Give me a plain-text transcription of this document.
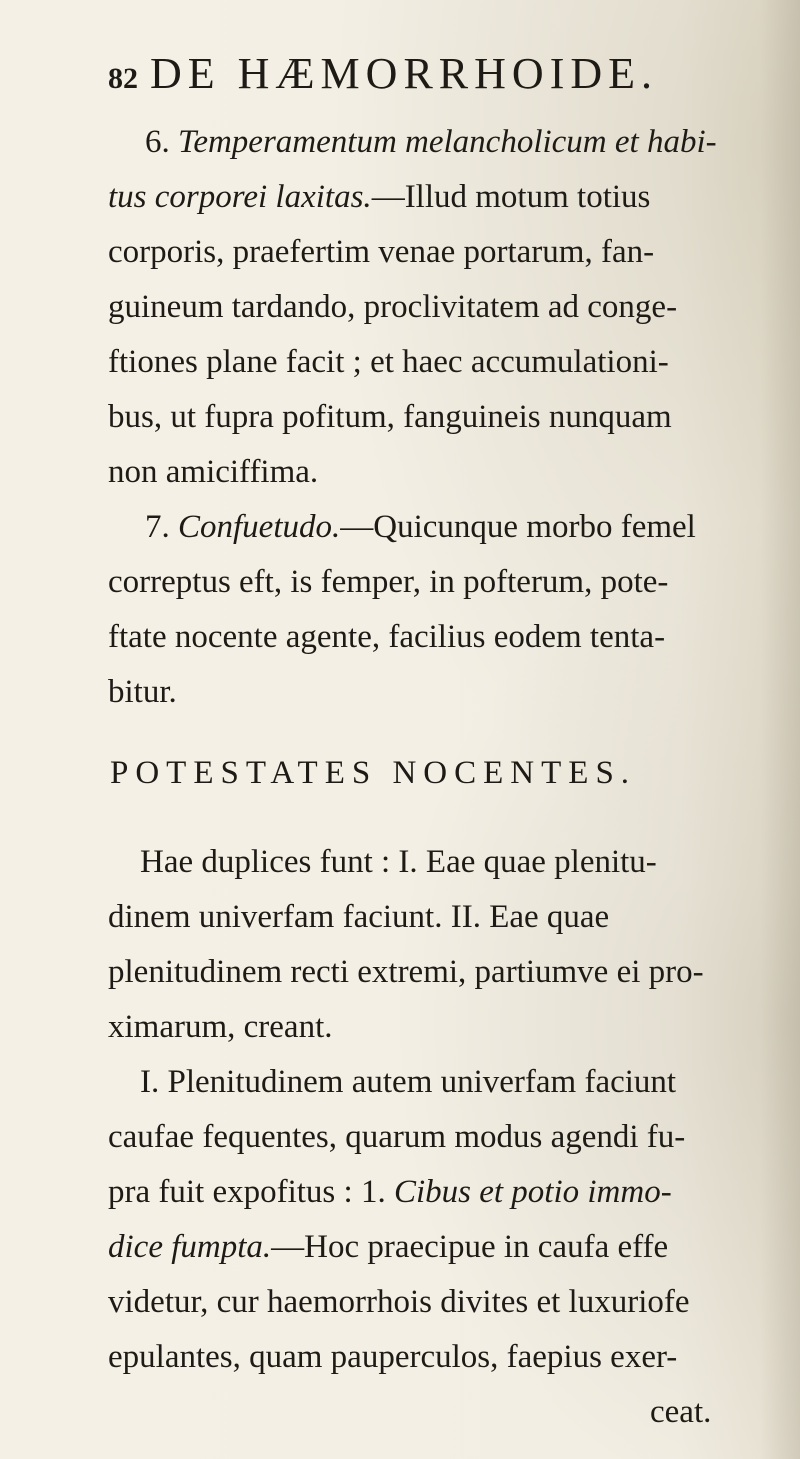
82 DE HÆMORRHOIDE.
6. Temperamentum melancholicum et habi-
tus corporei laxitas.—Illud motum totius
corporis, praefertim venae portarum, fan-
guineum tardando, proclivitatem ad conge-
ftiones plane facit ; et haec accumulationi-
bus, ut fupra pofitum, fanguineis nunquam
non amiciffima.
7. Confuetudo.—Quicunque morbo femel
correptus eft, is femper, in pofterum, pote-
ftate nocente agente, facilius eodem tenta-
bitur.
POTESTATES NOCENTES.
Hae duplices funt : I. Eae quae plenitu-
dinem univerfam faciunt. II. Eae quae
plenitudinem recti extremi, partiumve ei pro-
ximarum, creant.
I. Plenitudinem autem univerfam faciunt
caufae fequentes, quarum modus agendi fu-
pra fuit expofitus : 1. Cibus et potio immo-
dice fumpta.—Hoc praecipue in caufa effe
videtur, cur haemorrhois divites et luxuriofe
epulantes, quam pauperculos, faepius exer-
ceat.
